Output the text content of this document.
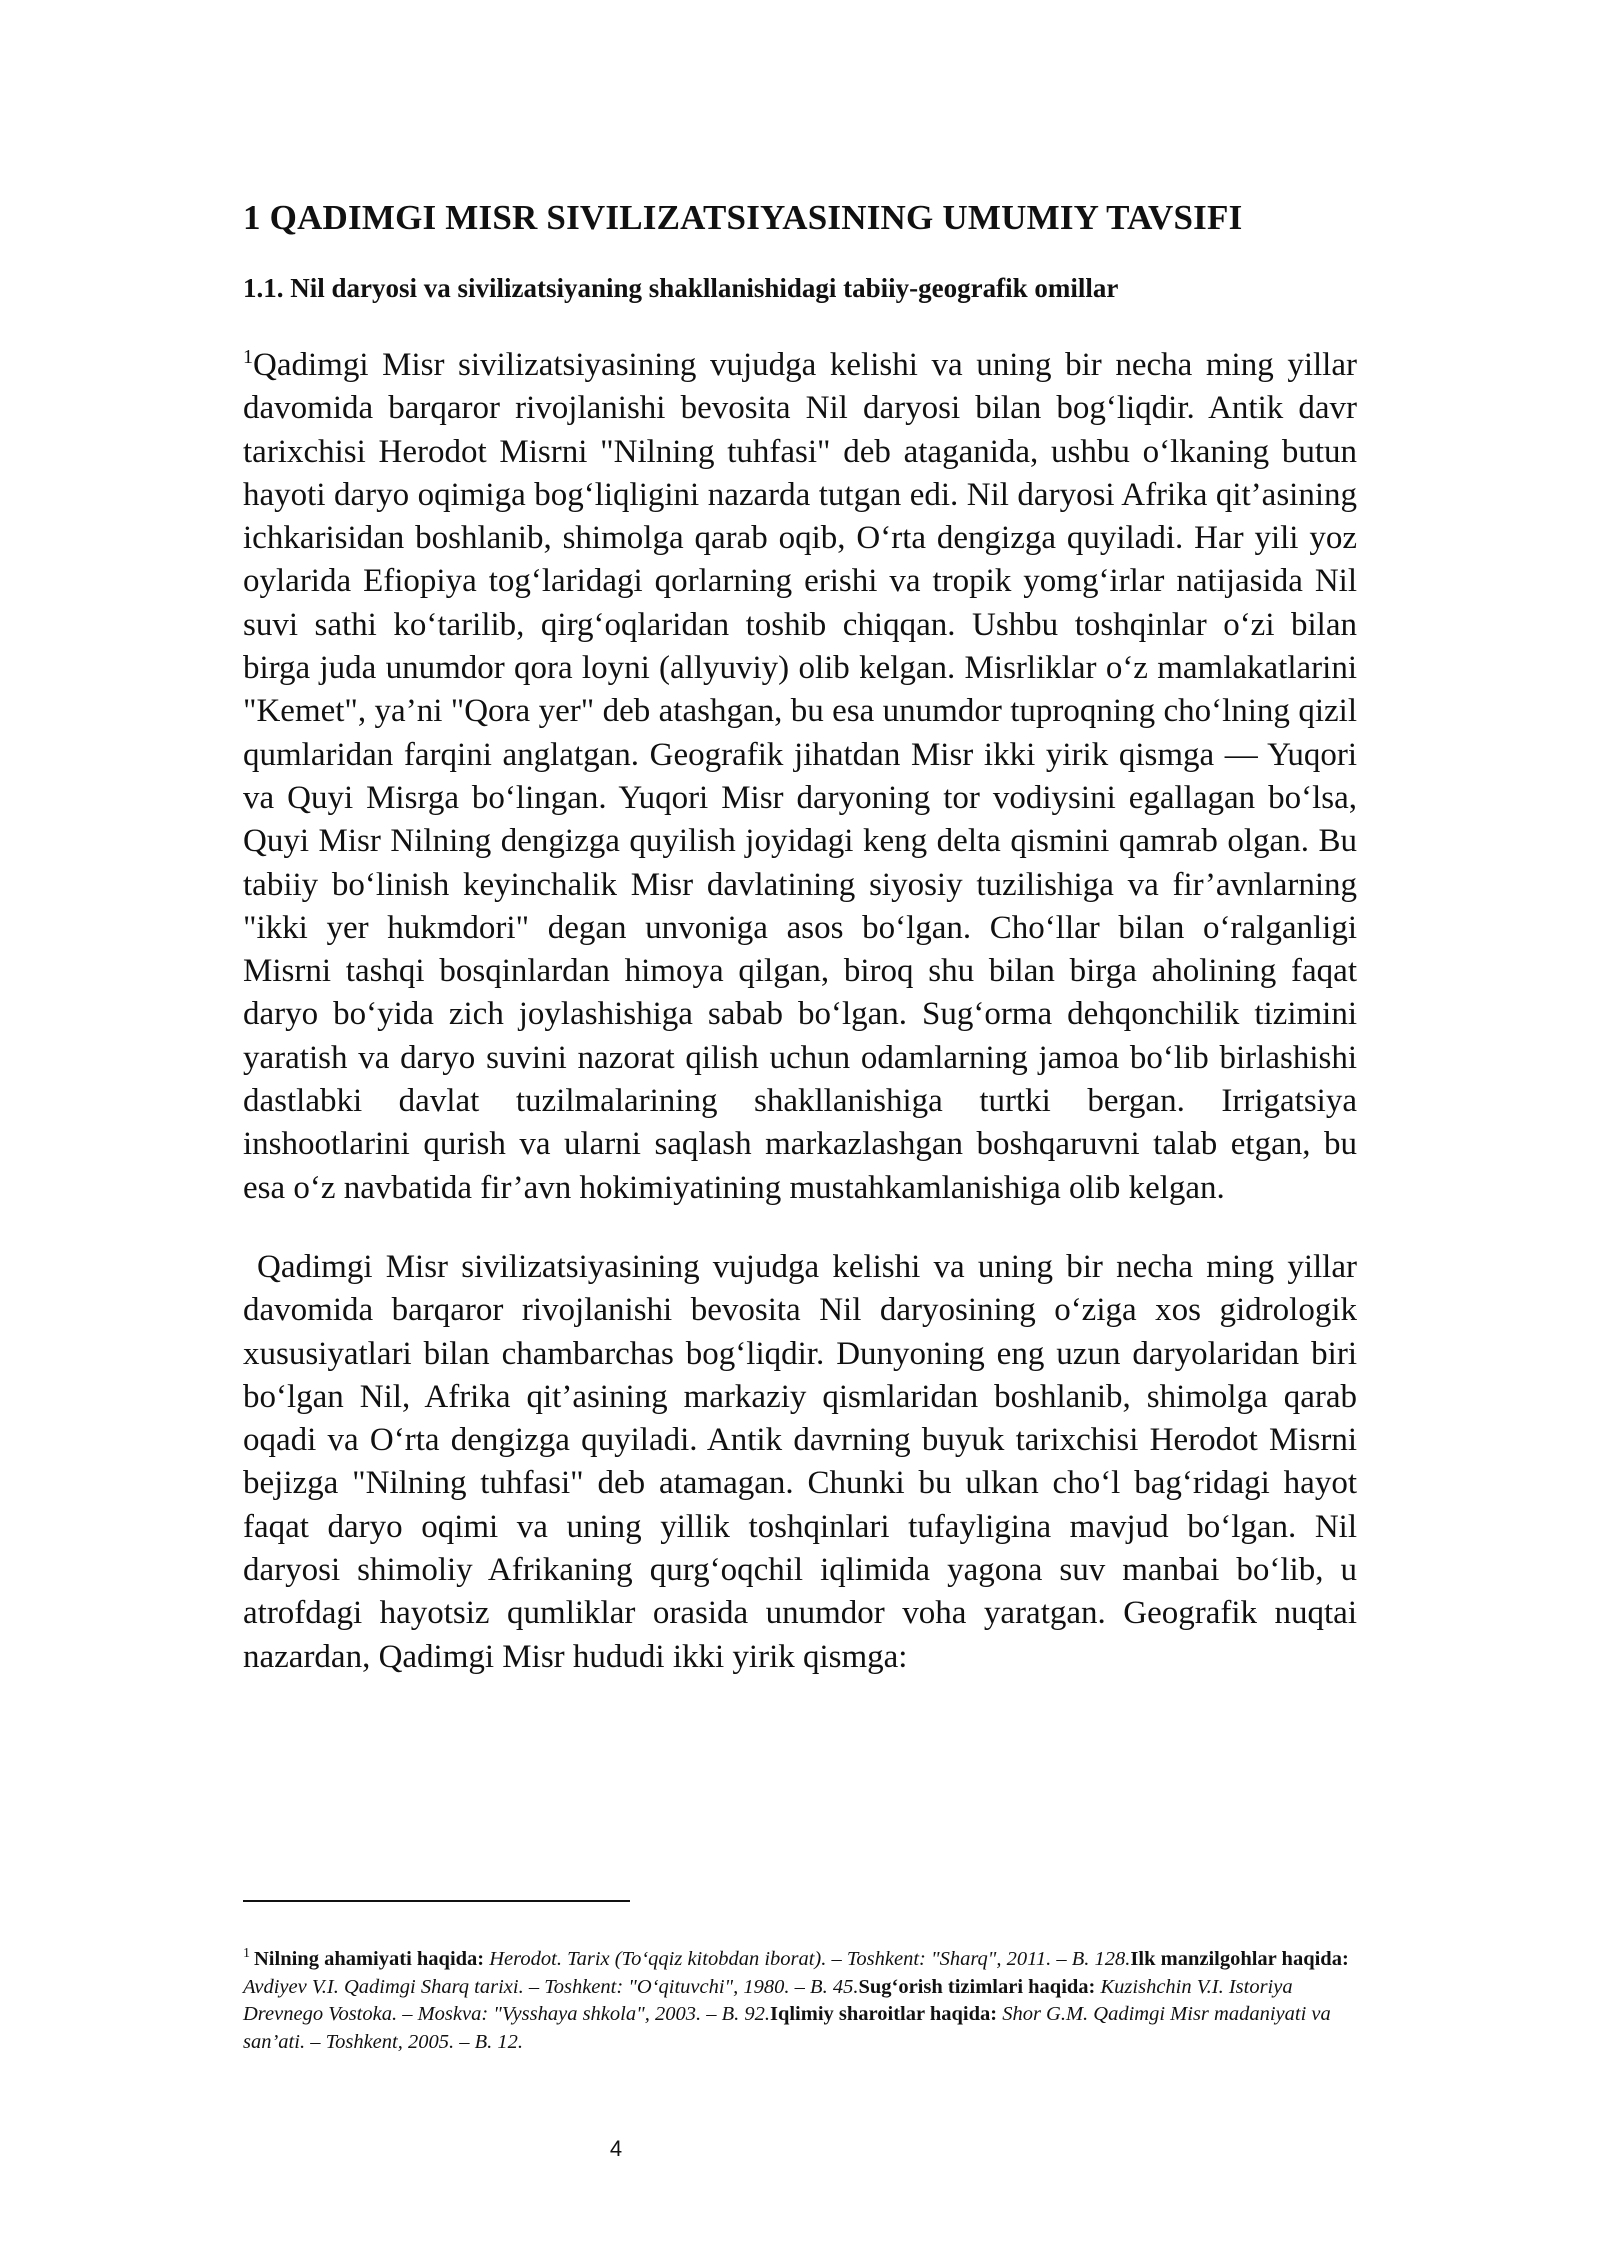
1 QADIMGI MISR SIVILIZATSIYASINING UMUMIY TAVSIFI
1.1. Nil daryosi va sivilizatsiyaning shakllanishidagi tabiiy-geografik omillar

$^1$Qadimgi Misr sivilizatsiyasining vujudga kelishi va uning bir necha ming yillar davomida barqaror rivojlanishi bevosita Nil daryosi bilan bog‘liqdir. Antik davr tarixchisi Herodot Misrni "Nilning tuhfasi" deb ataganida, ushbu o‘lkaning butun hayoti daryo oqimiga bog‘liqligini nazarda tutgan edi. Nil daryosi Afrika qit’asining ichkarisidan boshlanib, shimolga qarab oqib, O‘rta dengizga quyiladi. Har yili yoz oylarida Efiopiya tog‘laridagi qorlarning erishi va tropik yomg‘irlar natijasida Nil suvi sathi ko‘tarilib, qirg‘oqlaridan toshib chiqqan. Ushbu toshqinlar o‘zi bilan birga juda unumdor qora loyni (allyuviy) olib kelgan. Misrliklar o‘z mamlakatlarini "Kemet", ya’ni "Qora yer" deb atashgan, bu esa unumdor tuproqning cho‘lning qizil qumlaridan farqini anglatgan. Geografik jihatdan Misr ikki yirik qismga — Yuqori va Quyi Misrga bo‘lingan. Yuqori Misr daryoning tor vodiysini egallagan bo‘lsa, Quyi Misr Nilning dengizga quyilish joyidagi keng delta qismini qamrab olgan. Bu tabiiy bo‘linish keyinchalik Misr davlatining siyosiy tuzilishiga va fir’avnlarning "ikki yer hukmdori" degan unvoniga asos bo‘lgan. Cho‘llar bilan o‘ralganligi Misrni tashqi bosqinlardan himoya qilgan, biroq shu bilan birga aholining faqat daryo bo‘yida zich joylashishiga sabab bo‘lgan. Sug‘orma dehqonchilik tizimini yaratish va daryo suvini nazorat qilish uchun odamlarning jamoa bo‘lib birlashishi dastlabki davlat tuzilmalarining shakllanishiga turtki bergan. Irrigatsiya inshootlarini qurish va ularni saqlash markazlashgan boshqaruvni talab etgan, bu esa o‘z navbatida fir’avn hokimiyatining mustahkamlanishiga olib kelgan.

Qadimgi Misr sivilizatsiyasining vujudga kelishi va uning bir necha ming yillar davomida barqaror rivojlanishi bevosita Nil daryosining o‘ziga xos gidrologik xususiyatlari bilan chambarchas bog‘liqdir. Dunyoning eng uzun daryolaridan biri bo‘lgan Nil, Afrika qit’asining markaziy qismlaridan boshlanib, shimolga qarab oqadi va O‘rta dengizga quyiladi. Antik davrning buyuk tarixchisi Herodot Misrni bejizga "Nilning tuhfasi" deb atamagan. Chunki bu ulkan cho‘l bag‘ridagi hayot faqat daryo oqimi va uning yillik toshqinlari tufayligina mavjud bo‘lgan. Nil daryosi shimoliy Afrikaning qurg‘oqchil iqlimida yagona suv manbai bo‘lib, u atrofdagi hayotsiz qumliklar orasida unumdor voha yaratgan. Geografik nuqtai nazardan, Qadimgi Misr hududi ikki yirik qismga:

$^1$ Nilning ahamiyati haqida: Herodot. Tarix (To‘qqiz kitobdan iborat). – Toshkent: "Sharq", 2011. – B. 128.Ilk manzilgohlar haqida: Avdiyev V.I. Qadimgi Sharq tarixi. – Toshkent: "O‘qituvchi", 1980. – B. 45.Sug‘orish tizimlari haqida: Kuzishchin V.I. Istoriya Drevnego Vostoka. – Moskva: "Vysshaya shkola", 2003. – B. 92.Iqlimiy sharoitlar haqida: Shor G.M. Qadimgi Misr madaniyati va san’ati. – Toshkent, 2005. – B. 12.

4
